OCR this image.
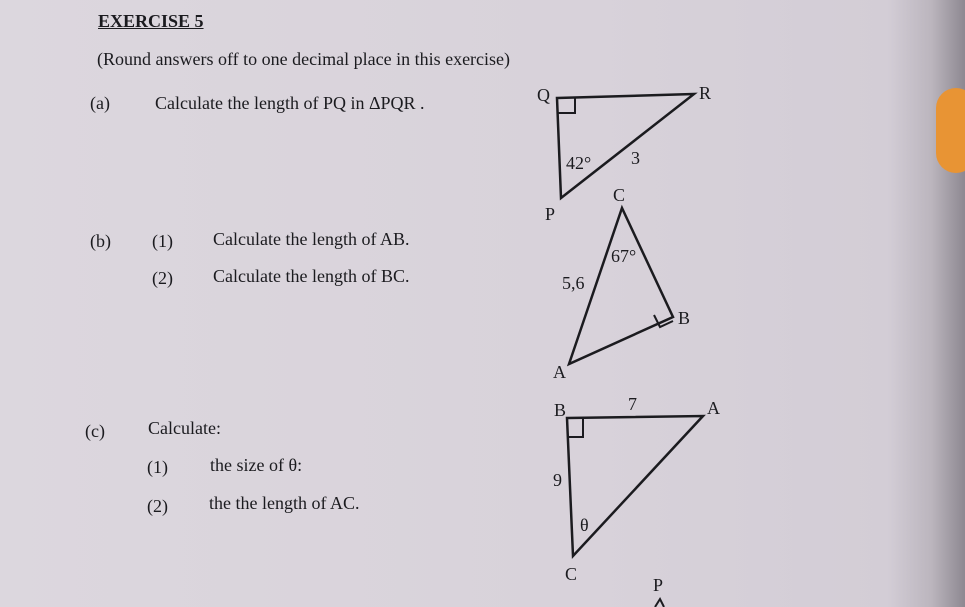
EXERCISE 5
(Round answers off to one decimal place in this exercise)
(a)	Calculate the length of PQ in ΔPQR .
(b) (1) Calculate the length of AB.
(2) Calculate the length of BC.
(c) Calculate:
(1) the size of θ:
(2) the the length of AC.
Q	R
P
42° 3
C
B
A
67°
5,6
B	7	A
9
θ
C
P
